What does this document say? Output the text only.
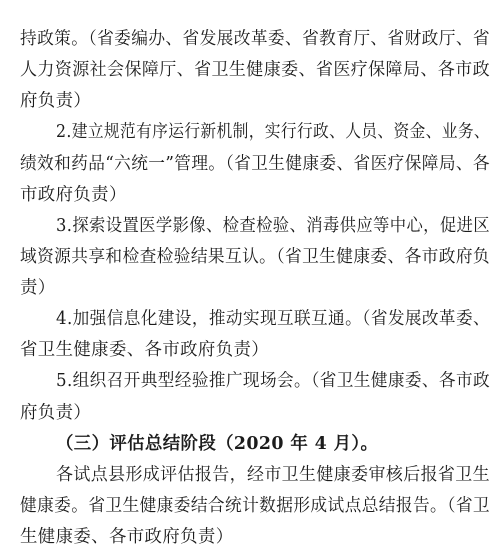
持政策。（省委编办、省发展改革委、省教育厅、省财政厅、省
人力资源社会保障厅、省卫生健康委、省医疗保障局、各市政
府负责）
2.建立规范有序运行新机制，实行行政、人员、资金、业务、
绩效和药品“六统一”管理。（省卫生健康委、省医疗保障局、各
市政府负责）
3.探索设置医学影像、检查检验、消毒供应等中心，促进区
域资源共享和检查检验结果互认。（省卫生健康委、各市政府负
责）
4.加强信息化建设，推动实现互联互通。（省发展改革委、
省卫生健康委、各市政府负责）
5.组织召开典型经验推广现场会。（省卫生健康委、各市政
府负责）
（三）评估总结阶段（2020 年 4 月）。
各试点县形成评估报告，经市卫生健康委审核后报省卫生
健康委。省卫生健康委结合统计数据形成试点总结报告。（省卫
生健康委、各市政府负责）
